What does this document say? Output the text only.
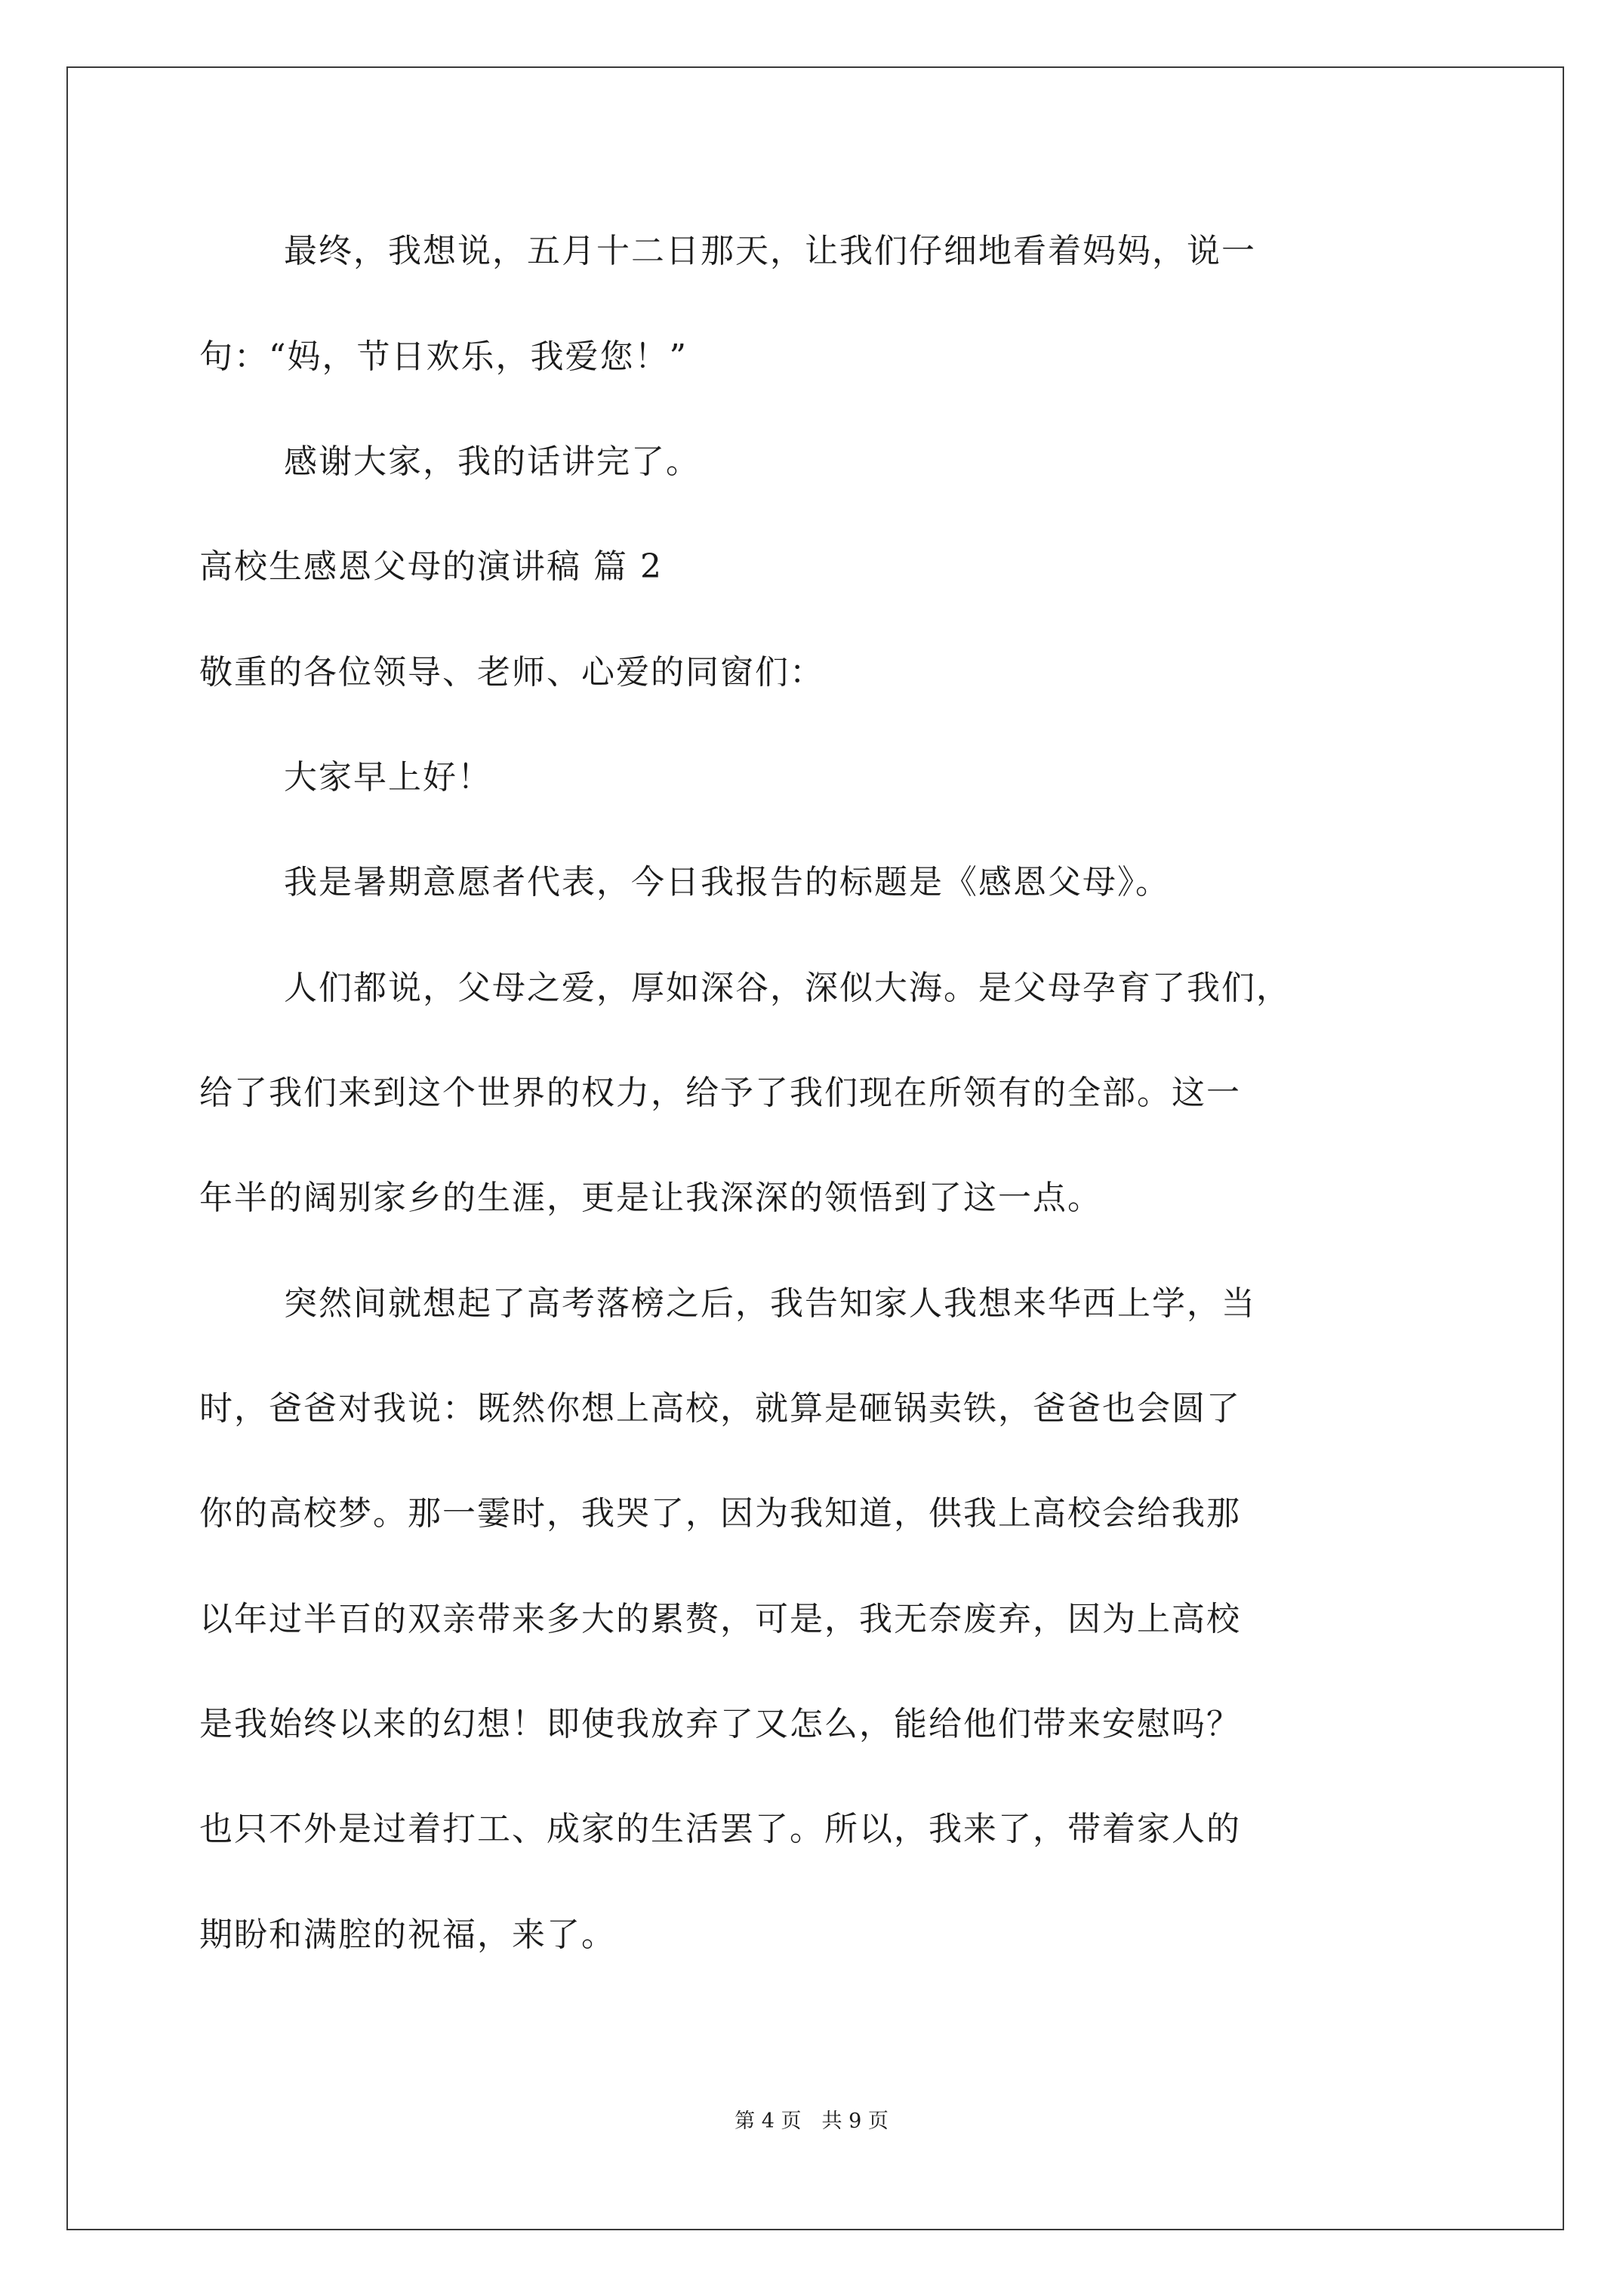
最终，我想说，五月十二日那天，让我们仔细地看着妈妈，说一
句：“妈，节日欢乐，我爱您！”
感谢大家，我的话讲完了。
高校生感恩父母的演讲稿 篇 2
敬重的各位领导、老师、心爱的同窗们：
大家早上好！
我是暑期意愿者代表，今日我报告的标题是《感恩父母》。
人们都说，父母之爱，厚如深谷，深似大海。是父母孕育了我们，
给了我们来到这个世界的权力，给予了我们现在所领有的全部。这一
年半的阔别家乡的生涯，更是让我深深的领悟到了这一点。
突然间就想起了高考落榜之后，我告知家人我想来华西上学，当
时，爸爸对我说：既然你想上高校，就算是砸锅卖铁，爸爸也会圆了
你的高校梦。那一霎时，我哭了，因为我知道，供我上高校会给我那
以年过半百的双亲带来多大的累赘，可是，我无奈废弃，因为上高校
是我始终以来的幻想！即使我放弃了又怎么，能给他们带来安慰吗？
也只不外是过着打工、成家的生活罢了。所以，我来了，带着家人的
期盼和满腔的祝福，来了。
第 4 页　共 9 页
